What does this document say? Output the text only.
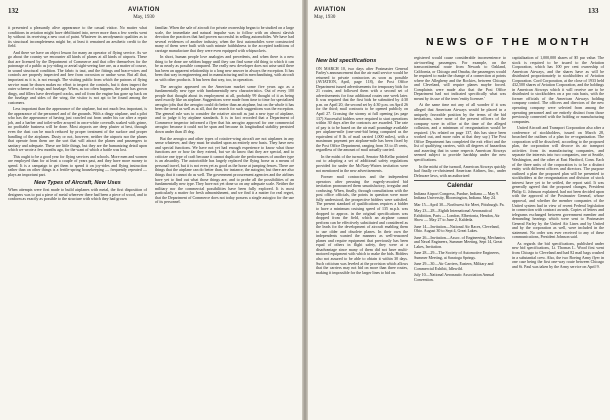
132	AVIATION
May, 1930

it presented a pleasantly alive appearance to the casual visitor. No matter what conditions in aviation might have debilitated into, never more than a few weeks went by without its receiving a new coat of paint. Whatever its aerodynamic qualities as to its structural incompleteness might be, at least it remained an aesthetic credit to the field.

And there we have an object lesson for many an operator of flying service. As we go about the country we encounter all kinds of planes at all kinds of airports. These that are licensed by the Department of Commerce and that offer themselves for the patronage of a public as joy-riding or aerial sight-seeing fare are, as a matter of course, in sound structural condition. The fabric is taut, and the fittings and brace-wires and controls are properly inspected and free from corrosion or undue wear. But all that, important as it is, is not enough. The visiting public from which the patrons of flying service must be drawn makes no effort to inspect the controls, but it does inspect the outer scheme of wings and fuselage. When, as too often happens, the paint has grown dingy, and fillers have developed cracks, and oil from the engine has gone up back on the fuselage and sides of the wing, the visitor is not apt to be found among the customers.

Less important than the appearance of the airplane, but not much less important, is the appearance of the personnel and of the grounds. With a dingy airplane, and a pilot who has the appearance of having just crawled out from under his car after a repair job, and a barber and toilet-seller arrayed in once-white coveralls soaked with grime, no profitable business will be done. Most airports are deep plaster at best, through even the dust can be much reduced by proper treatment of the surface and proper handling of the airplanes. Dusty or not, however, neither the airports nor the planes that operate from them are the sort that will attract the planes and passengers to sanitary and adequate. These are little things, but they are the humanizing detail upon which we wrote a few months ago, for the want of which a battle was lost.

This ought to be a good year for flying services and schools. More men and women are employed than for at least a couple of years past, and they have more money to spend. It is a campaign to get them to spend it on joy-rides and flying instruction rather than on other things is a fertile-spring housekeeping — frequently repeated — plays an important part.

New Types of Aircraft, New Uses

When attempts were first made to build airplanes with metal, the first disposition of designers was to put a piece of metal wherever there had been a piece of wood, and to conform as exactly as possible to the structure with which they had grown

familiar. When the sale of aircraft for private ownership began to be studied on a large scale, the immediate and natural impulse was to follow with an almost slavish devotion the practices that had proven successful in selling automobiles. We have had several evidences of another industry, when the first automobiles were constructed many of them were built with such minute faithfulness to the accepted traditions of carriage manufacture that they were even equipped with whipsockets.

In short, human people love analogies and precedents, and when there is a new thing to be done are seldom happy until they can find some old thing to which it can be as nearly as possible compared. The really new developer does not arise until there has been an apparent relationship to a long new answer in always the exception. It has been that way in engineering and in manufacturing and in merchandising, with aircraft as with other products. It has been that way, too, in operation.

The aerogiro appeared on the American market some five years ago as a fundamentally new type with fundamentally new characteristics. Out of every 100 people that thought about its employment at all, probably 99 thought of it as being used exactly like an airplane. Suggestions were made from time to time for specialized aerogiro jobs that the aerogiro could do better than an airplane, but on the whole it has been the trend as well as at all, that the search for such suggestions was the exception. The general rule was to consider the rotative aircraft as just a new type of airplane, and to judge it by airplane standards. It is in fact recorded that a Department of Commerce inspector informed a flyer that his aerogiro approval for one commercial aerogiro because it could not be spun and because its longitudinal stability persisted down under than 45 deg.

But the aerogiro and other types of rotative-wing aircraft are not airplanes in any sense whatever, and they must be studied upon an entirely new basis. They have new and special functions. We have not yet had enough experience to know what those functions are or how far they extend, but we do know that they are special, and to criticize one type of craft because it cannot duplicate the performances of another type is an absurdity. The autoriotible has largely replaced the flying horse as a means of personal travel, but it is not even yet as good as the horse at jumping fences. There are things that the airplane can do better than, for instance, the autogiro; but there are also things that it cannot do as well. The government procurement agencies and the airlines have yet to find out what those things are, and to probe all the possibilities of an fundamentally new type. They have not yet done so on any adequate scale. Neither the military nor the commercial possibilities have been fully explored. It is most particularly a matter for fresh admonishment, and we find it a matter for real regret, that the Department of Commerce does not today possess a single autogiro for the use of its personnel.

AVIATION
May, 1930
133
NEWS OF THE MONTH
New bid specifications

ON MARCH 10, two days after Postmaster General Farley's announcement that the air mail service would be returned to private contractors as soon as possible (AVIATION, April, page 118), the Post Office Department issued advertisements for temporary bids for 21 routes, and followed them with a second set of advertisements for four additional routes one week later. It was required that the first bids be submitted by 4:30 p.m. on April 20, the second set by 4:30 p.m. on April 26 for the third; mail contracts to be opened publicly on April 27. Crossing the stormy at full opening (as page 137) Successful bidders were required to start operations within 30 days after the contracts are awarded. The rate of pay is to be based on the air mail poundage available per airplane-mile (one-cent-bid being computed as the equivalent of 8 lb. of mail carried 1,000 miles), with a maximum payment per airplane-mile has been fixed by the Post Office Department, ranging from 33 to 45 cents, regardless of the amount of mail actually carried.

In the midst of the turmoil, Senator McKellar pointed out to adopting a set of additional safety regulations provided for under the McNary-Watres invitation were not mentioned in the new advertisements.

Former mail contractors and the independent operators after perusing the eagerly-awaited bid invitation pronounced them unsatisfactory, irregular and confusing. When, finally, through consultations with the post office officials, the points in question were more fully understood, the prospective bidders were satisfied. The present standard of qualifications requires a bidder to have a minimum cruising speed of 135 m.p.h. was dropped to approx. in the original specifications was dropped from the field, which an airplane cannot perform can be effectively substituted and considered as the leads for the development of aircraft enabling them to use older and obsolete planes. In their own the independents wanted the manners as well-reasoned planes and require equipment that previously has been equal of others in flight safety, they were at a disadvantage since many of them did not have multi-motored equipment with which to make the bids. Bidders also not assured to be able to obtain it within 30 days. Such criticism was leveled at the provision which allows that the carriers may not bid on more than three routes, making it impossible for the larger lines to bid on.

registered would cause considerable inconvenience to air-traveling passengers. For example, on the transcontinental route from Newark to Oakland, California, or Chicago and Omaha, the passengers would be required to make the change of a connection at points where the Allegheny and the Rockies, between Chicago and Cleveland, will require planes maybe forced. Complaints were made also that the Post Office Department had not indicated specifically what was meant by its use of the term 'entity licensee.'

At the same time not any of all wonder if it was alleged that American Airways would be placed in a uniquely favorable position by the terms of the bid invitations, since none of the present officers of the company were in office at the time of the alleged collusion, and a minimum of reorganization would be required. (As related on page 137, this has since been worked out, and more rules at that they say.) The Post Office Department has completed the exit effort and the list of qualifying carriers, with all degrees of hazardous and asserting that in some respects American Airways seemed subject to provide hardship under the new specifications.

In the midst of the turmoil, American Airways quickly had finally re-christened American Airlines, Inc., under Delaware laws, with an authorized

Calendar
Indiana Airport Congress, Purdue, Indiana — May 9. Indiana University, Bloomington, Indiana. May 24.
Mar 15—April 30—Northwest Air Meet, Pittsburgh. Pa.
May 23—28—Eighth International Aeronautical Exhibition, Paris — London, Elbertonia, Hendon, Air Show — May 27 to June 2, Kaldeda.
June 14—Invitation—National Air Races, Cleveland, Ohio. August 30 to Sept 4, Great Lakes.
June 26—Invitation—Assoc. of Engineering, Mechanics and Naval Engineers, Summer Meeting, Sept 14, Great Lakes, Invitation.
June 28—29—The Society of Automotive Engineers, Summer Meeting, at Saratoga Springs.
June 29—30—Air Carriers, Eastern, Military and Commercial Exhibit, Idlewild.
July 10—National Aeronautic Association Annual Convention.

capitalization of 1,000,000 shares of $5 par value. The stock is required to be issued to the Aviation Corporation, which has 100 per cent ownership of American Airways, and the shares have as will be distributed proportionately to stockholders of Aviation Corporation. Cord Corporation, at the close of 1933 held 432,500 shares of Aviation Corporation, and the holdings in American Airways which it will receive are to be distributed to stockholders on a pro rata basis, with the former officials of the American Airways holding company control. The officers and directors of the new operating company were selected from among the operating personnel and are entirely distinct from those previously connected with the holding or manufacturing companies.

United Aircraft and Transport Corporation also after a conference of stockholders, issued on March 28, broached the outlines of a plan for re-organization. The corporation will be dissolved, according to the proposed plan, the corporation will divorce its air transport activities from its manufacturing companies, and separate the interests into two companies, one at Seattle, Washington, and the other at East Hartford, Conn. Each of the three units of the corporation is to be a distinct entity with different officers and directors. The purpose outlined a plan the proposed plan will be presented to stockholders at the reorganization and division of stock interest have yet to be settled, the report said. It was generally agreed that the proposed changes, President Philip G. Johnson explained, had not been decided upon with the approval of the Postmaster General, whose approval, and whether the member companies of the United system had in view of recent Federal legislation in connection with contract awards. Copies of letters and telegrams exchanged between government member and demanding hearings which were sent to Postmaster General Farley by the United Air Lines and by United and by the corporation as well, were included in the statement. No order was ever received to any of these communications, President Johnson said.

As regards the bid specifications, published under new bid specifications, Lt. Thomas L. Wood first went from Chicago to Cleveland and had 82 mail bags crashed in a substantial crew. Also, the two Boeing Army flyer in one case being the first one-way route between Chicago and St. Paul was taken by the Army service on April 9.
